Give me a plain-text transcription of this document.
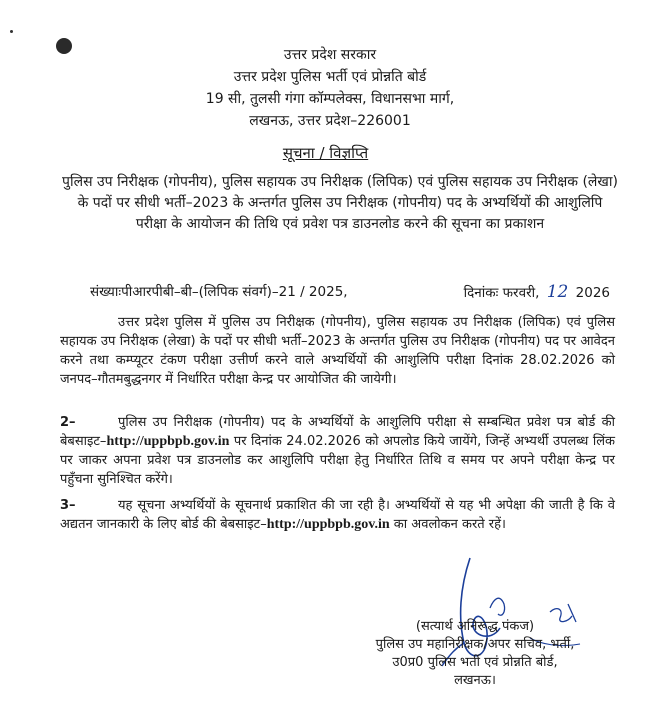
उत्तर प्रदेश सरकार
उत्तर प्रदेश पुलिस भर्ती एवं प्रोन्नति बोर्ड
19 सी, तुलसी गंगा कॉम्पलेक्स, विधानसभा मार्ग,
लखनऊ, उत्तर प्रदेश–226001
सूचना / विज्ञप्ति
पुलिस उप निरीक्षक (गोपनीय), पुलिस सहायक उप निरीक्षक (लिपिक) एवं पुलिस सहायक उप निरीक्षक (लेखा) के पदों पर सीधी भर्ती–2023 के अन्तर्गत पुलिस उप निरीक्षक (गोपनीय) पद के अभ्यर्थियों की आशुलिपि परीक्षा के आयोजन की तिथि एवं प्रवेश पत्र डाउनलोड करने की सूचना का प्रकाशन
संख्याःपीआरपीबी–बी–(लिपिक संवर्ग)–21 / 2025,	दिनांकः फरवरी, 12 2026
उत्तर प्रदेश पुलिस में पुलिस उप निरीक्षक (गोपनीय), पुलिस सहायक उप निरीक्षक (लिपिक) एवं पुलिस सहायक उप निरीक्षक (लेखा) के पदों पर सीधी भर्ती–2023 के अन्तर्गत पुलिस उप निरीक्षक (गोपनीय) पद पर आवेदन करने तथा कम्प्यूटर टंकण परीक्षा उत्तीर्ण करने वाले अभ्यर्थियों की आशुलिपि परीक्षा दिनांक 28.02.2026 को जनपद–गौतमबुद्धनगर में निर्धारित परीक्षा केन्द्र पर आयोजित की जायेगी।
2–	पुलिस उप निरीक्षक (गोपनीय) पद के अभ्यर्थियों के आशुलिपि परीक्षा से सम्बन्धित प्रवेश पत्र बोर्ड की बेबसाइट–http://uppbpb.gov.in पर दिनांक 24.02.2026 को अपलोड किये जायेंगे, जिन्हें अभ्यर्थी उपलब्ध लिंक पर जाकर अपना प्रवेश पत्र डाउनलोड कर आशुलिपि परीक्षा हेतु निर्धारित तिथि व समय पर अपने परीक्षा केन्द्र पर पहुँचना सुनिश्चित करेंगे।
3–	यह सूचना अभ्यर्थियों के सूचनार्थ प्रकाशित की जा रही है। अभ्यर्थियों से यह भी अपेक्षा की जाती है कि वे अद्यतन जानकारी के लिए बोर्ड की बेबसाइट–http://uppbpb.gov.in का अवलोकन करते रहें।
(सत्यार्थ अनिरूद्ध पंकज)
पुलिस उप महानिरीक्षक/अपर सचिव, भर्ती,
उ0प्र0 पुलिस भर्ती एवं प्रोन्नति बोर्ड,
लखनऊ।
